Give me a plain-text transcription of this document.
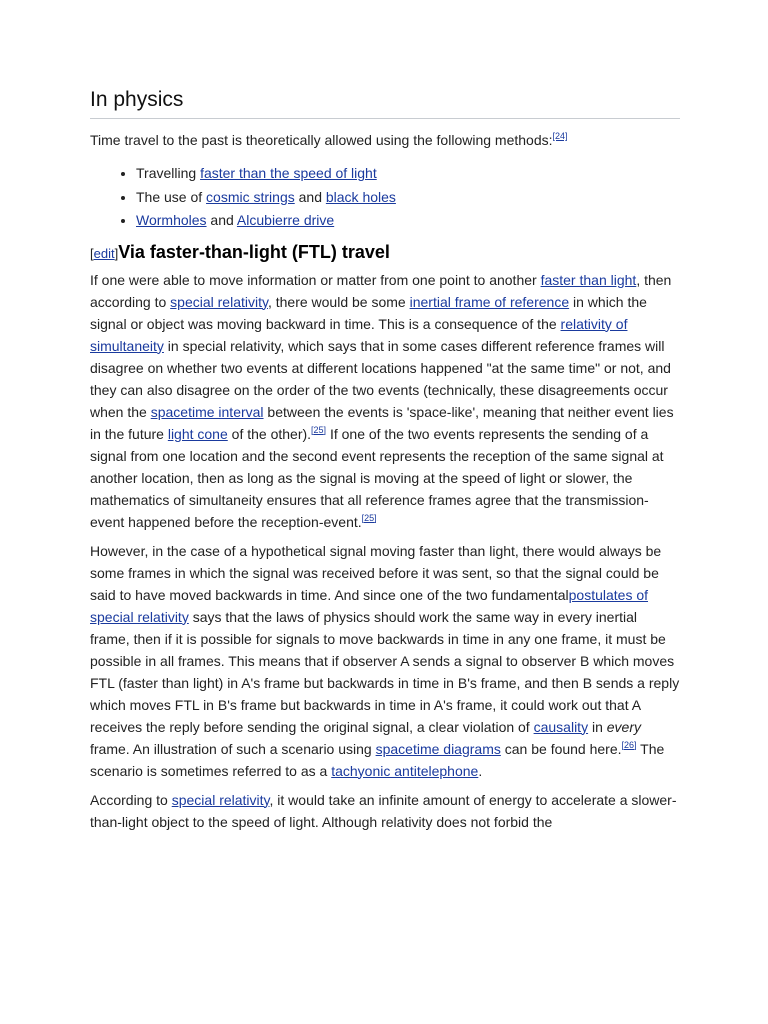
In physics

Time travel to the past is theoretically allowed using the following methods:[24]

• Travelling faster than the speed of light
• The use of cosmic strings and black holes
• Wormholes and Alcubierre drive
[edit] Via faster-than-light (FTL) travel

If one were able to move information or matter from one point to another faster than light, then according to special relativity, there would be some inertial frame of reference in which the signal or object was moving backward in time. This is a consequence of the relativity of simultaneity in special relativity, which says that in some cases different reference frames will disagree on whether two events at different locations happened "at the same time" or not, and they can also disagree on the order of the two events (technically, these disagreements occur when the spacetime interval between the events is 'space-like', meaning that neither event lies in the future light cone of the other).[25] If one of the two events represents the sending of a signal from one location and the second event represents the reception of the same signal at another location, then as long as the signal is moving at the speed of light or slower, the mathematics of simultaneity ensures that all reference frames agree that the transmission-event happened before the reception-event.[25]

However, in the case of a hypothetical signal moving faster than light, there would always be some frames in which the signal was received before it was sent, so that the signal could be said to have moved backwards in time. And since one of the two fundamentalpostulates of special relativity says that the laws of physics should work the same way in every inertial frame, then if it is possible for signals to move backwards in time in any one frame, it must be possible in all frames. This means that if observer A sends a signal to observer B which moves FTL (faster than light) in A's frame but backwards in time in B's frame, and then B sends a reply which moves FTL in B's frame but backwards in time in A's frame, it could work out that A receives the reply before sending the original signal, a clear violation of causality in every frame. An illustration of such a scenario using spacetime diagrams can be found here.[26] The scenario is sometimes referred to as a tachyonic antitelephone.

According to special relativity, it would take an infinite amount of energy to accelerate a slower-than-light object to the speed of light. Although relativity does not forbid the
